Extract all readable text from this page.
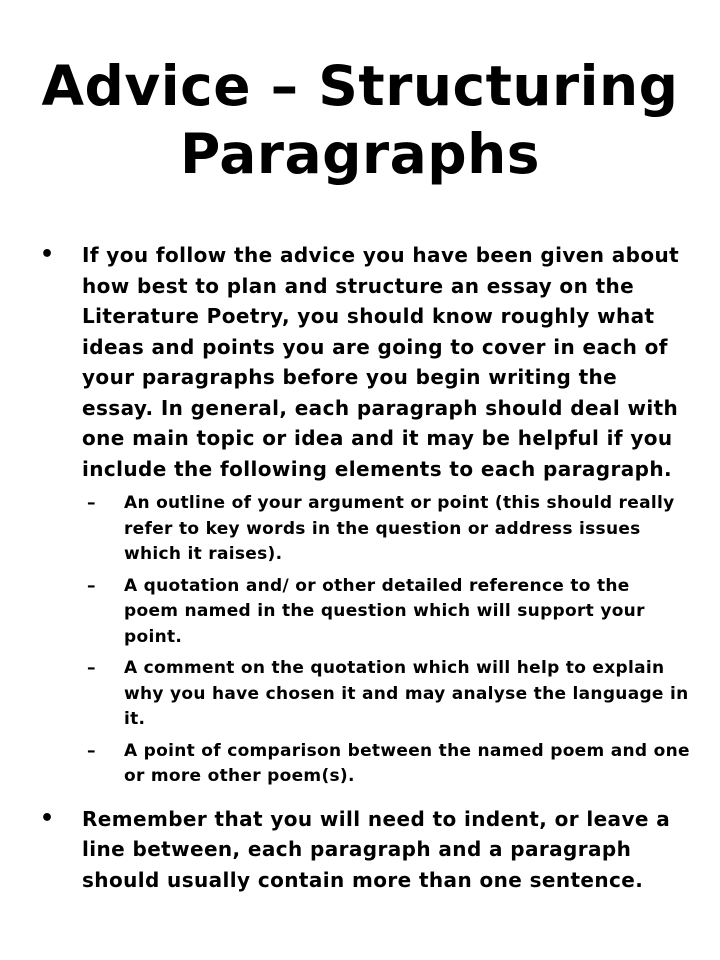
Advice – Structuring Paragraphs
• If you follow the advice you have been given about how best to plan and structure an essay on the Literature Poetry, you should know roughly what ideas and points you are going to cover in each of your paragraphs before you begin writing the essay. In general, each paragraph should deal with one main topic or idea and it may be helpful if you include the following elements to each paragraph.
– An outline of your argument or point (this should really refer to key words in the question or address issues which it raises).
– A quotation and/ or other detailed reference to the poem named in the question which will support your point.
– A comment on the quotation which will help to explain why you have chosen it and may analyse the language in it.
– A point of comparison between the named poem and one or more other poem(s).
• Remember that you will need to indent, or leave a line between, each paragraph and a paragraph should usually contain more than one sentence.
